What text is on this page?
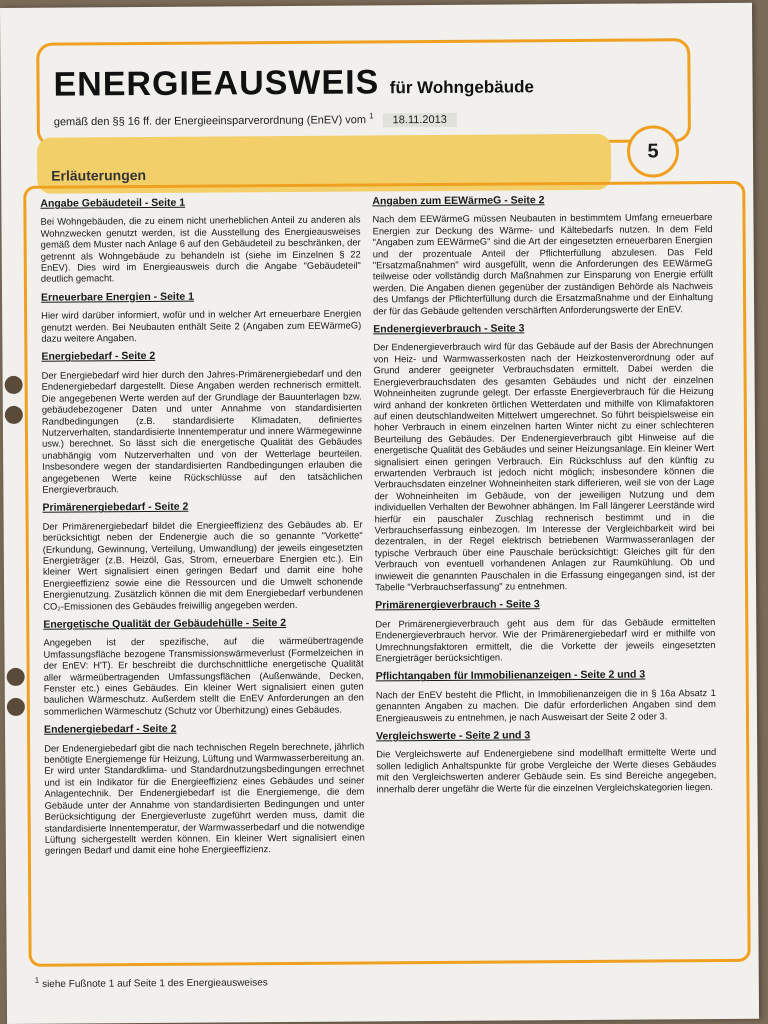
ENERGIEAUSWEIS für Wohngebäude
gemäß den §§ 16 ff. der Energieeinsparverordnung (EnEV) vom $^1$ 18.11.2013
Erläuterungen
5
Angabe Gebäudeteil - Seite 1

Bei Wohngebäuden, die zu einem nicht unerheblichen Anteil zu anderen als Wohnzwecken genutzt werden, ist die Ausstellung des Energieausweises gemäß dem Muster nach Anlage 6 auf den Gebäudeteil zu beschränken, der getrennt als Wohngebäude zu behandeln ist (siehe im Einzelnen § 22 EnEV). Dies wird im Energieausweis durch die Angabe "Gebäudeteil" deutlich gemacht.

Erneuerbare Energien - Seite 1

Hier wird darüber informiert, wofür und in welcher Art erneuerbare Energien genutzt werden. Bei Neubauten enthält Seite 2 (Angaben zum EEWärmeG) dazu weitere Angaben.

Energiebedarf - Seite 2

Der Energiebedarf wird hier durch den Jahres-Primärenergiebedarf und den Endenergiebedarf dargestellt. Diese Angaben werden rechnerisch ermittelt. Die angegebenen Werte werden auf der Grundlage der Bauunterlagen bzw. gebäudebezogener Daten und unter Annahme von standardisierten Randbedingungen (z.B. standardisierte Klimadaten, definiertes Nutzerverhalten, standardisierte Innentemperatur und innere Wärmegewinne usw.) berechnet. So lässt sich die energetische Qualität des Gebäudes unabhängig vom Nutzerverhalten und von der Wetterlage beurteilen. Insbesondere wegen der standardisierten Randbedingungen erlauben die angegebenen Werte keine Rückschlüsse auf den tatsächlichen Energieverbrauch.

Primärenergiebedarf - Seite 2

Der Primärenergiebedarf bildet die Energieeffizienz des Gebäudes ab. Er berücksichtigt neben der Endenergie auch die so genannte "Vorkette" (Erkundung, Gewinnung, Verteilung, Umwandlung) der jeweils eingesetzten Energieträger (z.B. Heizöl, Gas, Strom, erneuerbare Energien etc.). Ein kleiner Wert signalisiert einen geringen Bedarf und damit eine hohe Energieeffizienz sowie eine die Ressourcen und die Umwelt schonende Energienutzung. Zusätzlich können die mit dem Energiebedarf verbundenen CO₂-Emissionen des Gebäudes freiwillig angegeben werden.

Energetische Qualität der Gebäudehülle - Seite 2

Angegeben ist der spezifische, auf die wärmeübertragende Umfassungsfläche bezogene Transmissionswärmeverlust (Formelzeichen in der EnEV: H'T). Er beschreibt die durchschnittliche energetische Qualität aller wärmeübertragenden Umfassungsflächen (Außenwände, Decken, Fenster etc.) eines Gebäudes. Ein kleiner Wert signalisiert einen guten baulichen Wärmeschutz. Außerdem stellt die EnEV Anforderungen an den sommerlichen Wärmeschutz (Schutz vor Überhitzung) eines Gebäudes.

Endenergiebedarf - Seite 2

Der Endenergiebedarf gibt die nach technischen Regeln berechnete, jährlich benötigte Energiemenge für Heizung, Lüftung und Warmwasserbereitung an. Er wird unter Standardklima- und Standardnutzungsbedingungen errechnet und ist ein Indikator für die Energieeffizienz eines Gebäudes und seiner Anlagentechnik. Der Endenergiebedarf ist die Energiemenge, die dem Gebäude unter der Annahme von standardisierten Bedingungen und unter Berücksichtigung der Energieverluste zugeführt werden muss, damit die standardisierte Innentemperatur, der Warmwasserbedarf und die notwendige Lüftung sichergestellt werden können. Ein kleiner Wert signalisiert einen geringen Bedarf und damit eine hohe Energieeffizienz.

Angaben zum EEWärmeG - Seite 2

Nach dem EEWärmeG müssen Neubauten in bestimmtem Umfang erneuerbare Energien zur Deckung des Wärme- und Kältebedarfs nutzen. In dem Feld "Angaben zum EEWärmeG" sind die Art der eingesetzten erneuerbaren Energien und der prozentuale Anteil der Pflichterfüllung abzulesen. Das Feld "Ersatzmaßnahmen" wird ausgefüllt, wenn die Anforderungen des EEWärmeG teilweise oder vollständig durch Maßnahmen zur Einsparung von Energie erfüllt werden. Die Angaben dienen gegenüber der zuständigen Behörde als Nachweis des Umfangs der Pflichterfüllung durch die Ersatzmaßnahme und der Einhaltung der für das Gebäude geltenden verschärften Anforderungswerte der EnEV.

Endenergieverbrauch - Seite 3

Der Endenergieverbrauch wird für das Gebäude auf der Basis der Abrechnungen von Heiz- und Warmwasserkosten nach der Heizkostenverordnung oder auf Grund anderer geeigneter Verbrauchsdaten ermittelt. Dabei werden die Energieverbrauchsdaten des gesamten Gebäudes und nicht der einzelnen Wohneinheiten zugrunde gelegt. Der erfasste Energieverbrauch für die Heizung wird anhand der konkreten örtlichen Wetterdaten und mithilfe von Klimafaktoren auf einen deutschlandweiten Mittelwert umgerechnet. So führt beispielsweise ein hoher Verbrauch in einem einzelnen harten Winter nicht zu einer schlechteren Beurteilung des Gebäudes. Der Endenergieverbrauch gibt Hinweise auf die energetische Qualität des Gebäudes und seiner Heizungsanlage. Ein kleiner Wert signalisiert einen geringen Verbrauch. Ein Rückschluss auf den künftig zu erwartenden Verbrauch ist jedoch nicht möglich; insbesondere können die Verbrauchsdaten einzelner Wohneinheiten stark differieren, weil sie von der Lage der Wohneinheiten im Gebäude, von der jeweiligen Nutzung und dem individuellen Verhalten der Bewohner abhängen. Im Fall längerer Leerstände wird hierfür ein pauschaler Zuschlag rechnerisch bestimmt und in die Verbrauchserfassung einbezogen. Im Interesse der Vergleichbarkeit wird bei dezentralen, in der Regel elektrisch betriebenen Warmwasseranlagen der typische Verbrauch über eine Pauschale berücksichtigt: Gleiches gilt für den Verbrauch von eventuell vorhandenen Anlagen zur Raumkühlung. Ob und inwieweit die genannten Pauschalen in die Erfassung eingegangen sind, ist der Tabelle "Verbrauchserfassung" zu entnehmen.

Primärenergieverbrauch - Seite 3

Der Primärenergieverbrauch geht aus dem für das Gebäude ermittelten Endenergieverbrauch hervor. Wie der Primärenergiebedarf wird er mithilfe von Umrechnungsfaktoren ermittelt, die die Vorkette der jeweils eingesetzten Energieträger berücksichtigen.

Pflichtangaben für Immobilienanzeigen - Seite 2 und 3

Nach der EnEV besteht die Pflicht, in Immobilienanzeigen die in § 16a Absatz 1 genannten Angaben zu machen. Die dafür erforderlichen Angaben sind dem Energieausweis zu entnehmen, je nach Ausweisart der Seite 2 oder 3.

Vergleichswerte - Seite 2 und 3

Die Vergleichswerte auf Endenergiebene sind modellhaft ermittelte Werte und sollen lediglich Anhaltspunkte für grobe Vergleiche der Werte dieses Gebäudes mit den Vergleichswerten anderer Gebäude sein. Es sind Bereiche angegeben, innerhalb derer ungefähr die Werte für die einzelnen Vergleichskategorien liegen.

$^1$ siehe Fußnote 1 auf Seite 1 des Energieausweises
